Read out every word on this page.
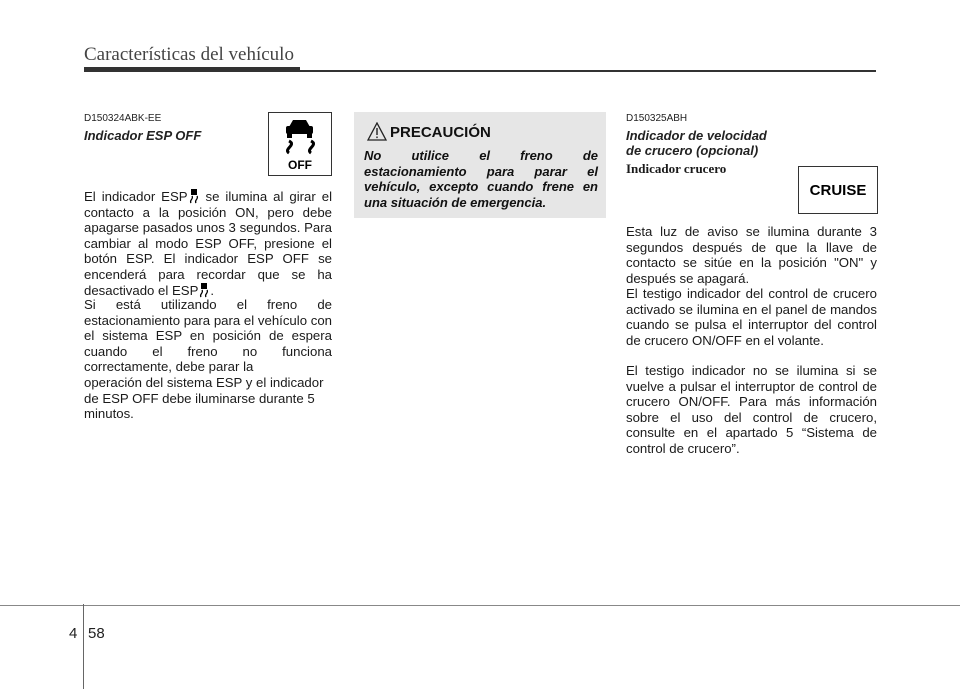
Características del vehículo
D150324ABK-EE
Indicador ESP OFF
OFF

El indicador ESP se ilumina al girar el contacto a la posición ON, pero debe apagarse pasados unos 3 segundos. Para cambiar al modo ESP OFF, presione el botón ESP. El indicador ESP OFF se encenderá para recordar que se ha desactivado el ESP .

Si está utilizando el freno de estacionamiento para para el vehículo con el sistema ESP en posición de espera cuando el freno no funciona correctamente, debe parar la

operación del sistema ESP y el indicador de ESP OFF debe iluminarse durante 5

minutos.

PRECAUCIÓN

No utilice el freno de estacionamiento para parar el vehículo, excepto cuando frene en una situación de emergencia.

D150325ABH
Indicador de velocidad
de crucero (opcional)
Indicador crucero
CRUISE

Esta luz de aviso se ilumina durante 3 segundos después de que la llave de contacto se sitúe en la posición "ON" y después se apagará.

El testigo indicador del control de crucero activado se ilumina en el panel de mandos cuando se pulsa el interruptor del control de crucero ON/OFF en el volante.

El testigo indicador no se ilumina si se vuelve a pulsar el interruptor de control de crucero ON/OFF. Para más información sobre el uso del control de crucero, consulte en el apartado 5 “Sistema de control de crucero”.

4 58
